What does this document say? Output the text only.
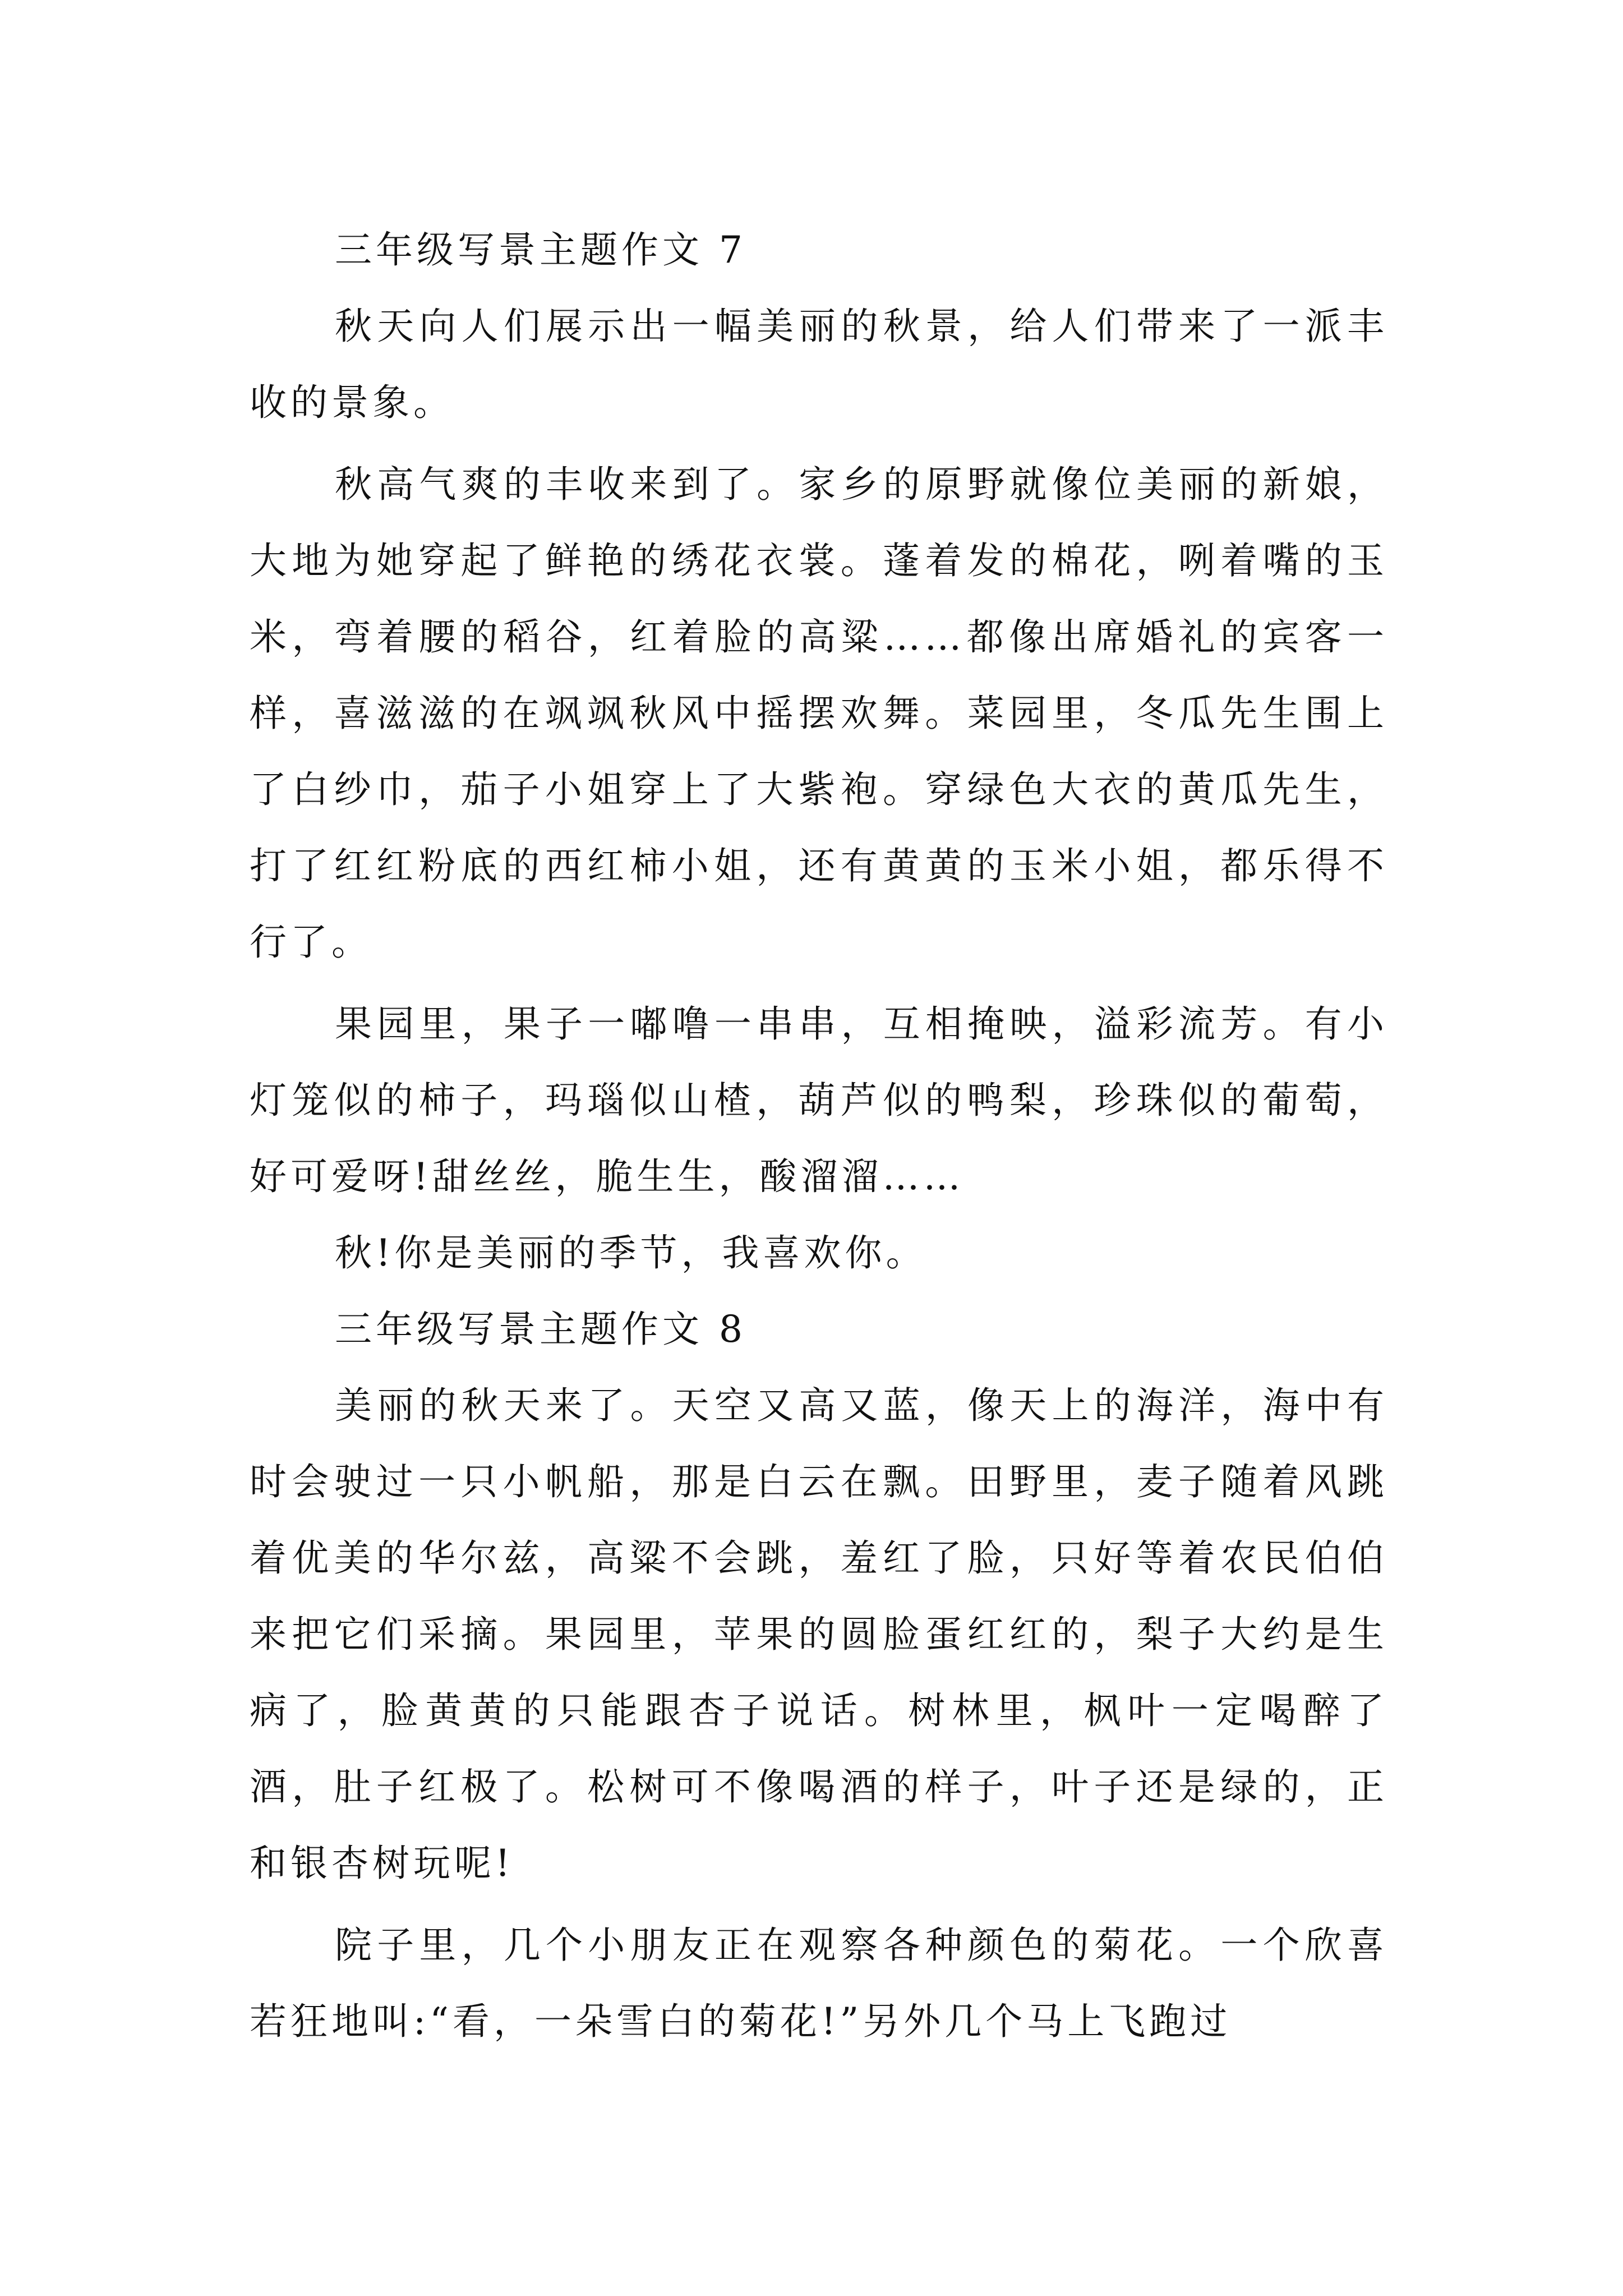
三年级写景主题作文 7

秋天向人们展示出一幅美丽的秋景，给人们带来了一派丰收的景象。

秋高气爽的丰收来到了。家乡的原野就像位美丽的新娘，大地为她穿起了鲜艳的绣花衣裳。蓬着发的棉花，咧着嘴的玉米，弯着腰的稻谷，红着脸的高粱……都像出席婚礼的宾客一样，喜滋滋的在飒飒秋风中摇摆欢舞。菜园里，冬瓜先生围上了白纱巾，茄子小姐穿上了大紫袍。穿绿色大衣的黄瓜先生，打了红红粉底的西红柿小姐，还有黄黄的玉米小姐，都乐得不行了。

果园里，果子一嘟噜一串串，互相掩映，溢彩流芳。有小灯笼似的柿子，玛瑙似山楂，葫芦似的鸭梨，珍珠似的葡萄，好可爱呀!甜丝丝，脆生生，酸溜溜……

秋!你是美丽的季节，我喜欢你。

三年级写景主题作文 8

美丽的秋天来了。天空又高又蓝，像天上的海洋，海中有时会驶过一只小帆船，那是白云在飘。田野里，麦子随着风跳着优美的华尔兹，高粱不会跳，羞红了脸，只好等着农民伯伯来把它们采摘。果园里，苹果的圆脸蛋红红的，梨子大约是生病了，脸黄黄的只能跟杏子说话。树林里，枫叶一定喝醉了酒，肚子红极了。松树可不像喝酒的样子，叶子还是绿的，正和银杏树玩呢!

院子里，几个小朋友正在观察各种颜色的菊花。一个欣喜若狂地叫:“看，一朵雪白的菊花!”另外几个马上飞跑过
